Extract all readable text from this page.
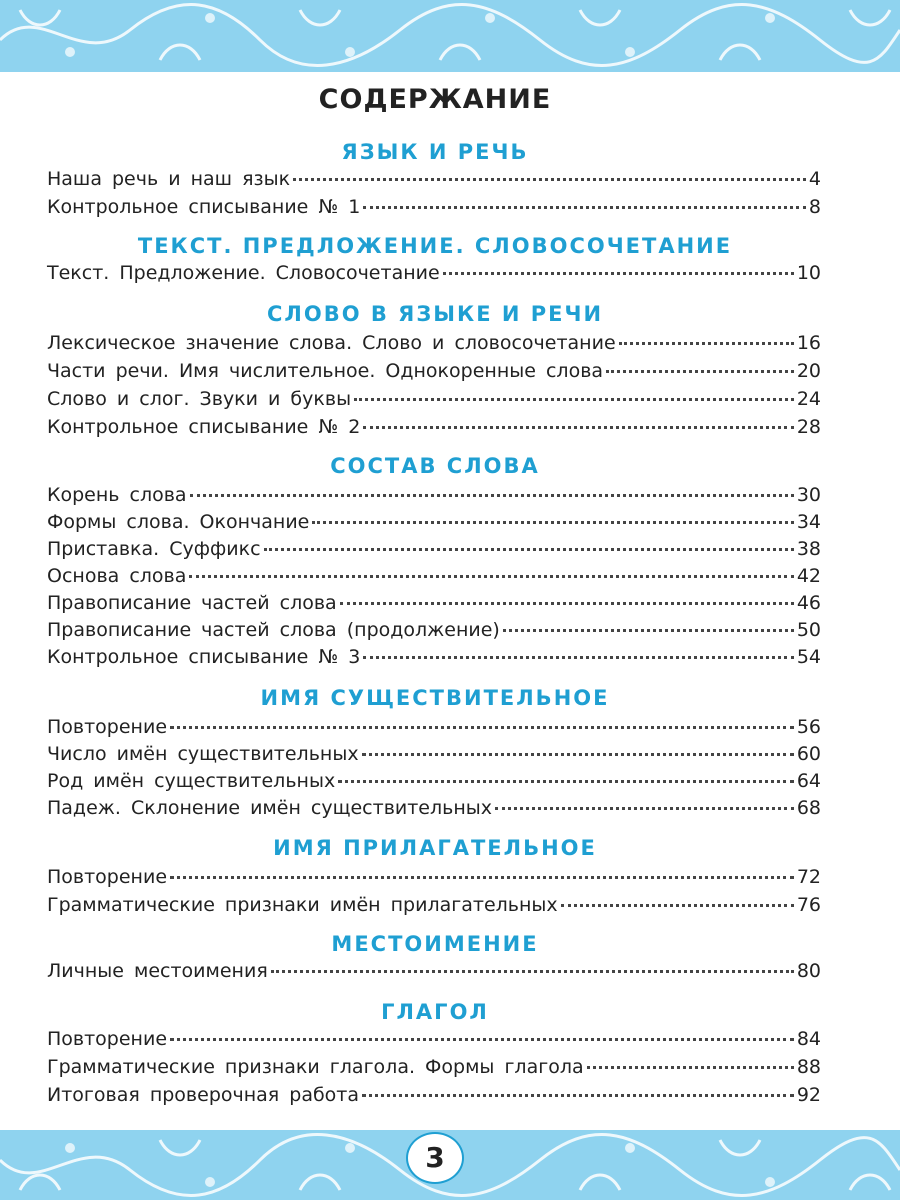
СОДЕРЖАНИЕ
ЯЗЫК И РЕЧЬ
Наша речь и наш язык	4
Контрольное списывание № 1	8
ТЕКСТ. ПРЕДЛОЖЕНИЕ. СЛОВОСОЧЕТАНИЕ
Текст. Предложение. Словосочетание	10
СЛОВО В ЯЗЫКЕ И РЕЧИ
Лексическое значение слова. Слово и словосочетание	16
Части речи. Имя числительное. Однокоренные слова	20
Слово и слог. Звуки и буквы	24
Контрольное списывание № 2	28
СОСТАВ СЛОВА
Корень слова	30
Формы слова. Окончание	34
Приставка. Суффикс	38
Основа слова	42
Правописание частей слова	46
Правописание частей слова (продолжение)	50
Контрольное списывание № 3	54
ИМЯ СУЩЕСТВИТЕЛЬНОЕ
Повторение	56
Число имён существительных	60
Род имён существительных	64
Падеж. Склонение имён существительных	68
ИМЯ ПРИЛАГАТЕЛЬНОЕ
Повторение	72
Грамматические признаки имён прилагательных	76
МЕСТОИМЕНИЕ
Личные местоимения	80
ГЛАГОЛ
Повторение	84
Грамматические признаки глагола. Формы глагола	88
Итоговая проверочная работа	92
3
